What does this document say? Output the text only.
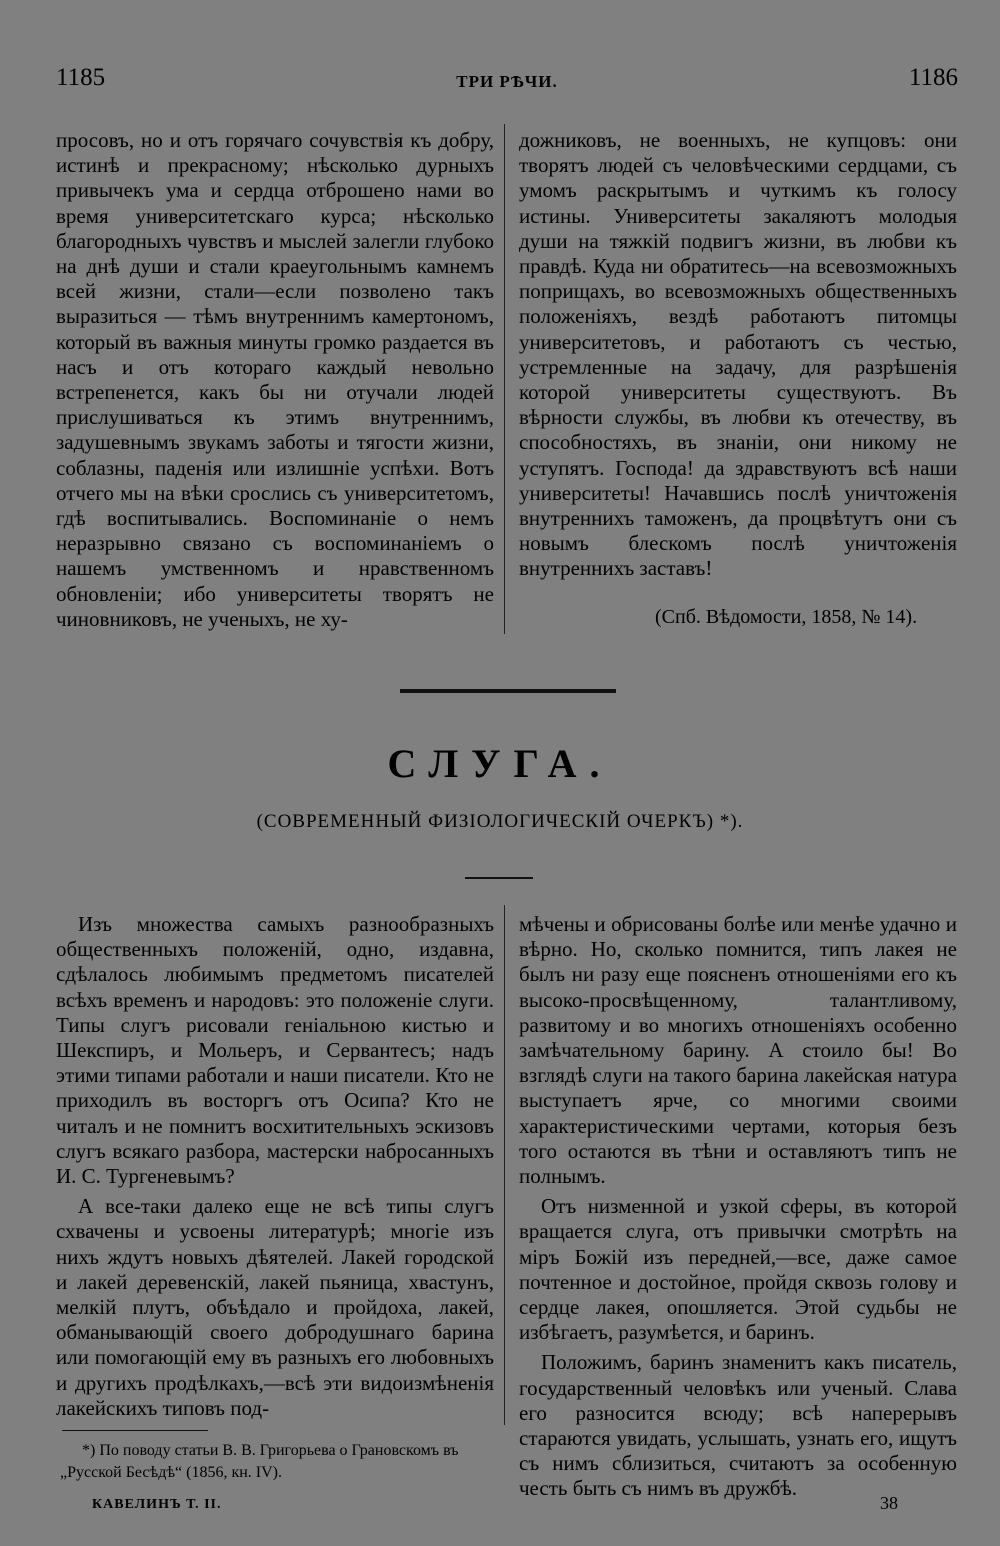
1185	ТРИ РѢЧИ.	1186

просовъ, но и отъ горячаго сочувствія къ добру, истинѣ и прекрасному; нѣсколько дурныхъ привычекъ ума и сердца отброшено нами во время университетскаго курса; нѣсколько благородныхъ чувствъ и мыслей залегли глубоко на днѣ души и стали краеугольнымъ камнемъ всей жизни, стали—если позволено такъ выразиться — тѣмъ внутреннимъ камертономъ, который въ важныя минуты громко раздается въ насъ и отъ котораго каждый невольно встрепенется, какъ бы ни отучали людей прислушиваться къ этимъ внутреннимъ, задушевнымъ звукамъ заботы и тягости жизни, соблазны, паденія или излишніе успѣхи. Вотъ отчего мы на вѣки срослись съ университетомъ, гдѣ воспитывались. Воспоминаніе о немъ неразрывно связано съ воспоминаніемъ о нашемъ умственномъ и нравственномъ обновленіи; ибо университеты творятъ не чиновниковъ, не ученыхъ, не ху-

дожниковъ, не военныхъ, не купцовъ: они творятъ людей съ человѣческими сердцами, съ умомъ раскрытымъ и чуткимъ къ голосу истины. Университеты закаляютъ молодыя души на тяжкій подвигъ жизни, въ любви къ правдѣ. Куда ни обратитесь—на всевозможныхъ поприщахъ, во всевозможныхъ общественныхъ положеніяхъ, вездѣ работаютъ питомцы университетовъ, и работаютъ съ честью, устремленные на задачу, для разрѣшенія которой университеты существуютъ. Въ вѣрности службы, въ любви къ отечеству, въ способностяхъ, въ знаніи, они никому не уступятъ. Господа! да здравствуютъ всѣ наши университеты! Начавшись послѣ уничтоженія внутреннихъ таможенъ, да процвѣтутъ они съ новымъ блескомъ послѣ уничтоженія внутреннихъ заставъ!

(Спб. Вѣдомости, 1858, № 14).
СЛУГА.
(СОВРЕМЕННЫЙ ФИЗІОЛОГИЧЕСКІЙ ОЧЕРКЪ) *).

Изъ множества самыхъ разнообразныхъ общественныхъ положеній, одно, издавна, сдѣлалось любимымъ предметомъ писателей всѣхъ временъ и народовъ: это положеніе слуги. Типы слугъ рисовали геніальною кистью и Шекспиръ, и Мольеръ, и Сервантесъ; надъ этими типами работали и наши писатели. Кто не приходилъ въ восторгъ отъ Осипа? Кто не читалъ и не помнитъ восхитительныхъ эскизовъ слугъ всякаго разбора, мастерски набросанныхъ И. С. Тургеневымъ?

А все-таки далеко еще не всѣ типы слугъ схвачены и усвоены литературѣ; многіе изъ нихъ ждутъ новыхъ дѣятелей. Лакей городской и лакей деревенскій, лакей пьяница, хвастунъ, мелкій плутъ, объѣдало и пройдоха, лакей, обманывающій своего добродушнаго барина или помогающій ему въ разныхъ его любовныхъ и другихъ продѣлкахъ,—всѣ эти видоизмѣненія лакейскихъ типовъ под-

мѣчены и обрисованы болѣе или менѣе удачно и вѣрно. Но, сколько помнится, типъ лакея не былъ ни разу еще поясненъ отношеніями его къ высоко-просвѣщенному, талантливому, развитому и во многихъ отношеніяхъ особенно замѣчательному барину. А стоило бы! Во взглядѣ слуги на такого барина лакейская натура выступаетъ ярче, со многими своими характеристическими чертами, которыя безъ того остаются въ тѣни и оставляютъ типъ не полнымъ.

Отъ низменной и узкой сферы, въ которой вращается слуга, отъ привычки смотрѣть на міръ Божій изъ передней,—все, даже самое почтенное и достойное, пройдя сквозь голову и сердце лакея, опошляется. Этой судьбы не избѣгаетъ, разумѣется, и баринъ.

Положимъ, баринъ знаменитъ какъ писатель, государственный человѣкъ или ученый. Слава его разносится всюду; всѣ наперерывъ стараются увидать, услышать, узнать его, ищутъ съ нимъ сблизиться, считаютъ за особенную честь быть съ нимъ въ дружбѣ.

*) По поводу статьи В. В. Григорьева о Грановскомъ въ „Русской Бесѣдѣ“ (1856, кн. IV).

КАВЕЛИНЪ Т. II.	38
